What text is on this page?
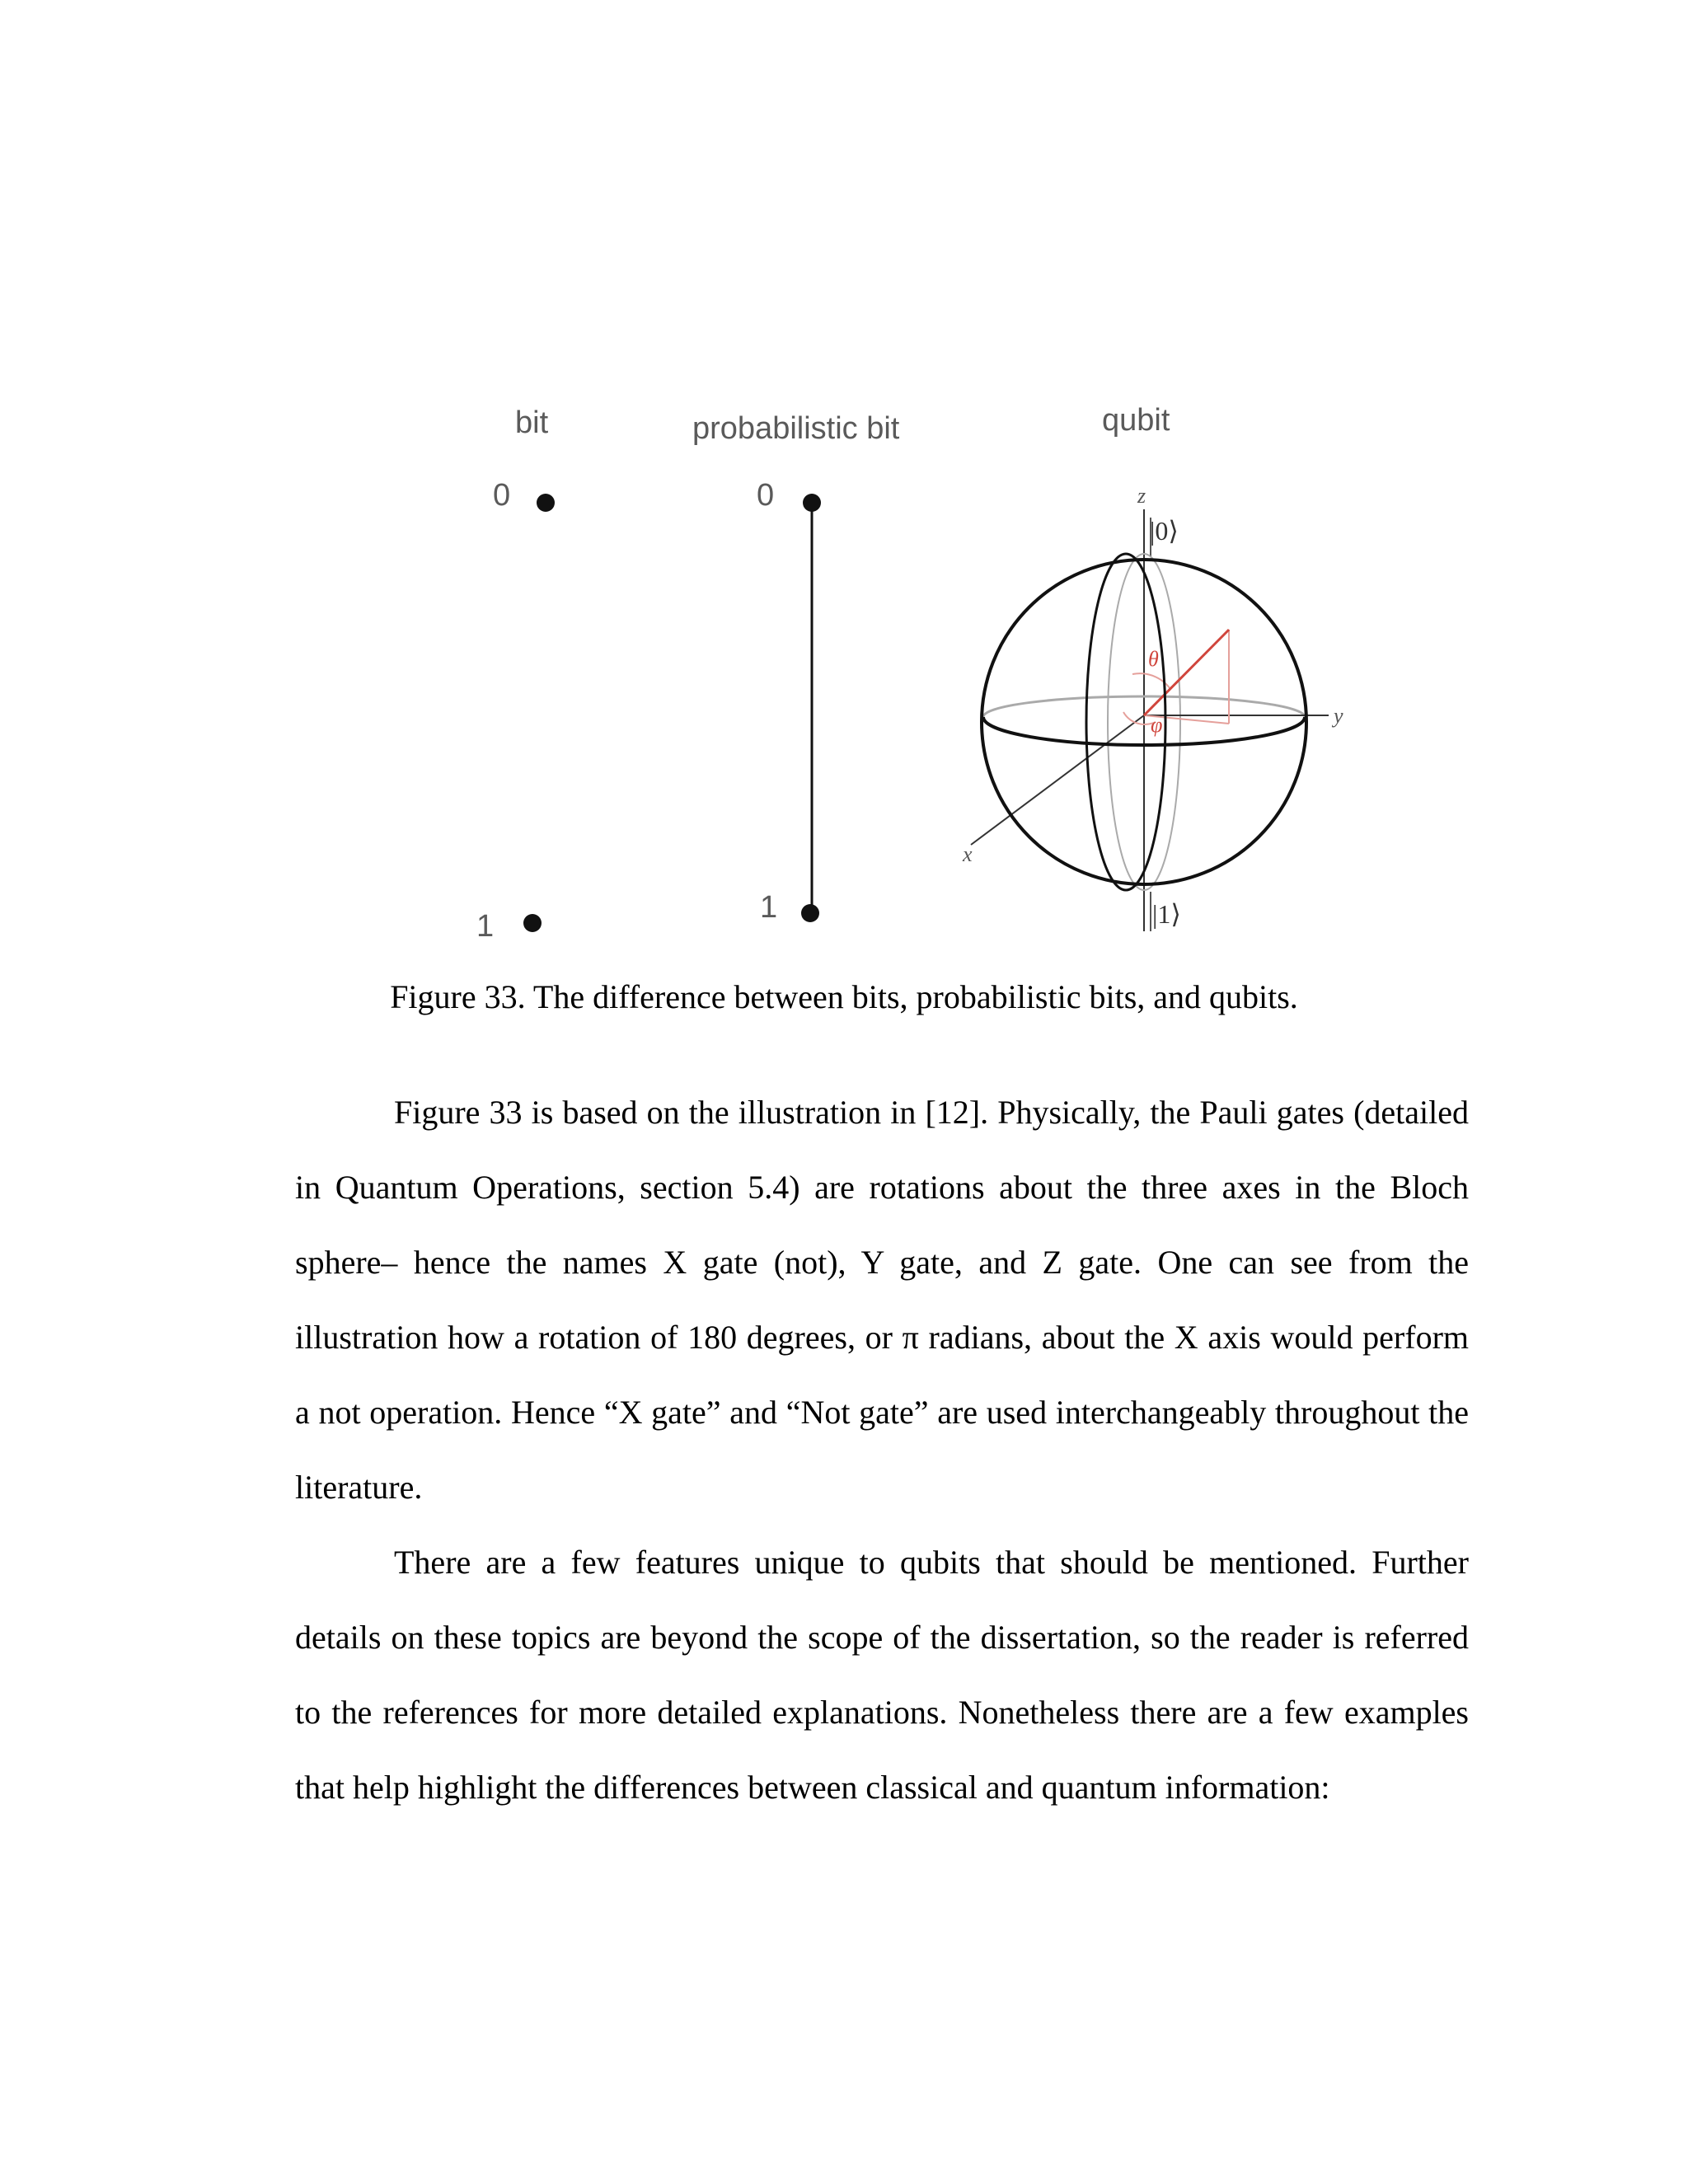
bit
0
1
probabilistic bit
0
1
qubit
z
|0⟩
|1⟩
y
x
θ
φ
Figure 33. The difference between bits, probabilistic bits, and qubits.

Figure 33 is based on the illustration in [12]. Physically, the Pauli gates (detailed in Quantum Operations, section 5.4) are rotations about the three axes in the Bloch sphere– hence the names X gate (not), Y gate, and Z gate. One can see from the illustration how a rotation of 180 degrees, or π radians, about the X axis would perform a not operation. Hence “X gate” and “Not gate” are used interchangeably throughout the literature.

There are a few features unique to qubits that should be mentioned. Further details on these topics are beyond the scope of the dissertation, so the reader is referred to the references for more detailed explanations. Nonetheless there are a few examples that help highlight the differences between classical and quantum information:
